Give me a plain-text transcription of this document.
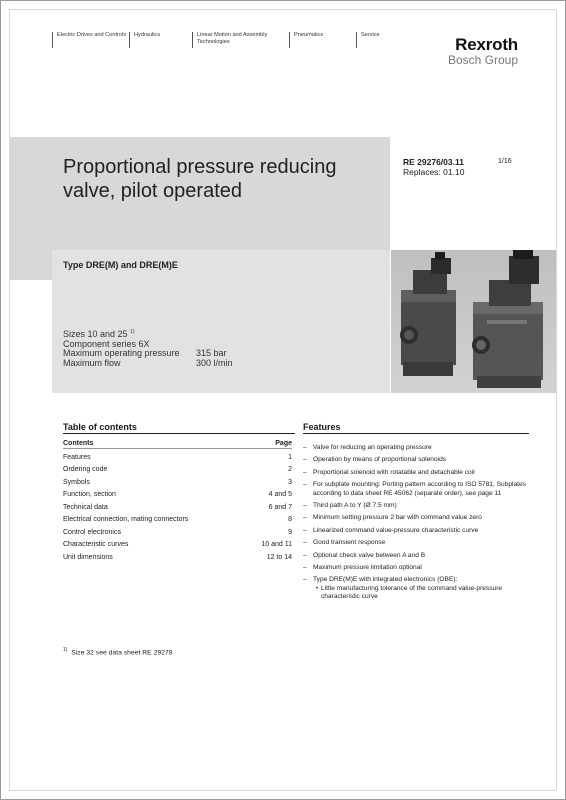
Electric Drives and Controls	Hydraulics	Linear Motion and Assembly Technologies
Pneumatics	Service	Rexroth
Bosch Group
Proportional pressure reducing valve, pilot operated
RE 29276/03.11
Replaces: 01.10
1/16
Type DRE(M) and DRE(M)E
Sizes 10 and 25 $^{1)}$
Component series 6X
Maximum operating pressure	315 bar
Maximum flow	300 l/min
Table of contents
Contents	Page
Features	1
Ordering code	2
Symbols	3
Function, section	4 and 5
Technical data	6 and 7
Electrical connection, mating connectors	8
Control electronics	9
Characteristic curves	10 and 11
Unit dimensions	12 to 14
$^{1)}$ Size 32 see data sheet RE 29278
Features
– Valve for reducing an operating pressure
– Operation by means of proportional solenoids
– Proportional solenoid with rotatable and detachable coil
– For subplate mounting: Porting pattern according to ISO 5781, Subplates according to data sheet RE 45062 (separate order), see page 11
– Third path A to Y (Ø 7.5 mm)
– Minimum setting pressure 2 bar with command value zero
– Linearized command value-pressure characteristic curve
– Good transient response
– Optional check valve between A and B
– Maximum pressure limitation optional
– Type DRE(M)E with integrated electronics (OBE):
• Little manufacturing tolerance of the command value-pressure characteristic curve
